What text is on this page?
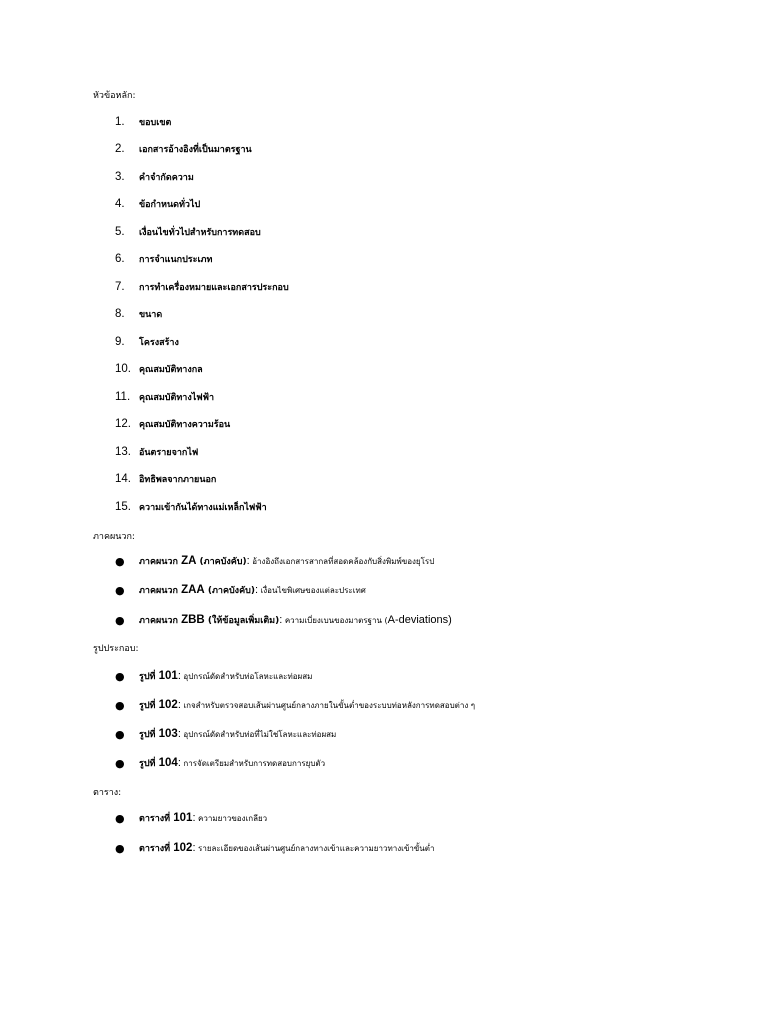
หัวข้อหลัก:
1.	ขอบเขต
2.	เอกสารอ้างอิงที่เป็นมาตรฐาน
3.	คำจำกัดความ
4.	ข้อกำหนดทั่วไป
5.	เงื่อนไขทั่วไปสำหรับการทดสอบ
6.	การจำแนกประเภท
7.	การทำเครื่องหมายและเอกสารประกอบ
8.	ขนาด
9.	โครงสร้าง
10. คุณสมบัติทางกล
11. คุณสมบัติทางไฟฟ้า
12. คุณสมบัติทางความร้อน
13. อันตรายจากไฟ
14. อิทธิพลจากภายนอก
15. ความเข้ากันได้ทางแม่เหล็กไฟฟ้า
ภาคผนวก:
●	ภาคผนวก ZA (ภาคบังคับ) : อ้างอิงถึงเอกสารสากลที่สอดคล้องกับสิ่งพิมพ์ของยุโรป
●	ภาคผนวก ZAA (ภาคบังคับ) : เงื่อนไขพิเศษของแต่ละประเทศ
●	ภาคผนวก ZBB (ให้ข้อมูลเพิ่มเติม) : ความเบี่ยงเบนของมาตรฐาน (A-deviations)
รูปประกอบ:
●	รูปที่ 101 : อุปกรณ์ดัดสำหรับท่อโลหะและท่อผสม
●	รูปที่ 102 : เกจสำหรับตรวจสอบเส้นผ่านศูนย์กลางภายในขั้นต่ำของระบบท่อหลังการทดสอบต่าง ๆ
●	รูปที่ 103 : อุปกรณ์ดัดสำหรับท่อที่ไม่ใช่โลหะและท่อผสม
●	รูปที่ 104 : การจัดเตรียมสำหรับการทดสอบการยุบตัว
ตาราง:
●	ตารางที่ 101 : ความยาวของเกลียว
●	ตารางที่ 102 : รายละเอียดของเส้นผ่านศูนย์กลางทางเข้าและความยาวทางเข้าขั้นต่ำ
